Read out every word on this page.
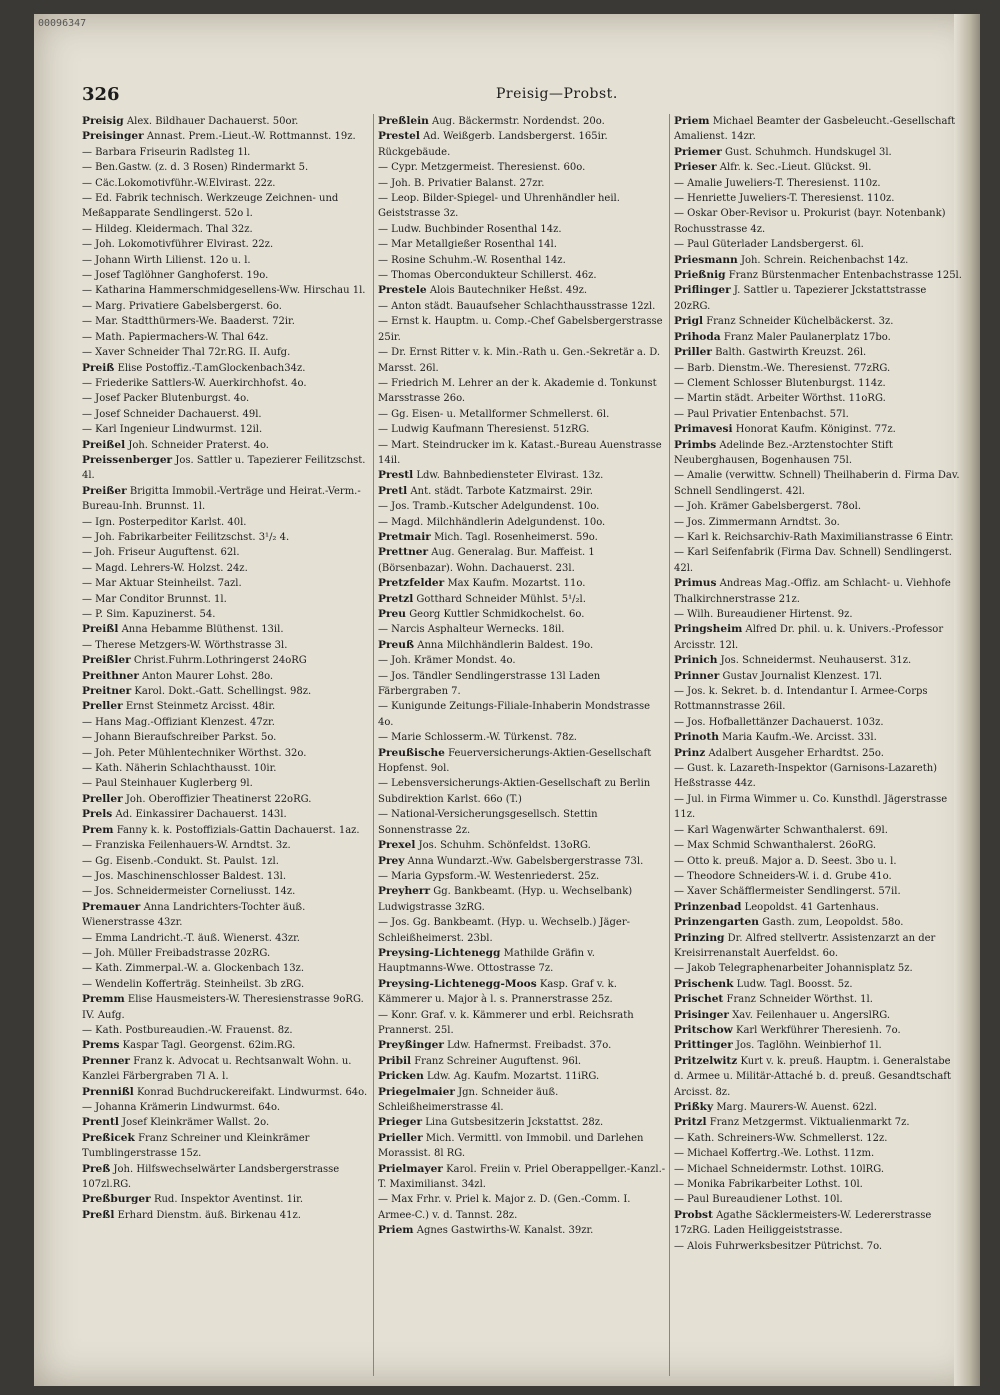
00096347
326	Preisig—Probst.

Preisig Alex. Bildhauer Dachauerst. 50or.

Preisinger Annast. Prem.-Lieut.-W. Rottmannst. 19z.

— Barbara Friseurin Radlsteg 1l.

— Ben.Gastw. (z. d. 3 Rosen) Rindermarkt 5.

— Cäc.Lokomotivführ.-W.Elvirast. 22z.

— Ed. Fabrik technisch. Werkzeuge Zeichnen- und Meßapparate Sendlingerst. 52o l.

— Hildeg. Kleidermach. Thal 32z.

— Joh. Lokomotivführer Elvirast. 22z.

— Johann Wirth Lilienst. 12o u. l.

— Josef Taglöhner Ganghoferst. 19o.

— Katharina Hammerschmidgesellens-Ww. Hirschau 1l.

— Marg. Privatiere Gabelsbergerst. 6o.

— Mar. Stadtthürmers-We. Baaderst. 72ir.

— Math. Papiermachers-W. Thal 64z.

— Xaver Schneider Thal 72r.RG. II. Aufg.

Preiß Elise Postoffiz.-T.amGlockenbach34z.

— Friederike Sattlers-W. Auerkirchhofst. 4o.

— Josef Packer Blutenburgst. 4o.

— Josef Schneider Dachauerst. 49l.

— Karl Ingenieur Lindwurmst. 12il.

Preißel Joh. Schneider Praterst. 4o.

Preissenberger Jos. Sattler u. Tapezierer Feilitzschst. 4l.

Preißer Brigitta Immobil.-Verträge und Heirat.-Verm.-Bureau-Inh. Brunnst. 1l.

— Ign. Posterpeditor Karlst. 40l.

— Joh. Fabrikarbeiter Feilitzschst. 3¹/₂ 4.

— Joh. Friseur Auguftenst. 62l.

— Magd. Lehrers-W. Holzst. 24z.

— Mar Aktuar Steinheilst. 7azl.

— Mar Conditor Brunnst. 1l.

— P. Sim. Kapuzinerst. 54.

Preißl Anna Hebamme Blüthenst. 13il.

— Therese Metzgers-W. Wörthstrasse 3l.

Preißler Christ.Fuhrm.Lothringerst 24oRG

Preithner Anton Maurer Lohst. 28o.

Preitner Karol. Dokt.-Gatt. Schellingst. 98z.

Preller Ernst Steinmetz Arcisst. 48ir.

— Hans Mag.-Offiziant Klenzest. 47zr.

— Johann Bieraufschreiber Parkst. 5o.

— Joh. Peter Mühlentechniker Wörthst. 32o.

— Kath. Näherin Schlachthausst. 10ir.

— Paul Steinhauer Kuglerberg 9l.

Preller Joh. Oberoffizier Theatinerst 22oRG.

Prels Ad. Einkassirer Dachauerst. 143l.

Prem Fanny k. k. Postoffizials-Gattin Dachauerst. 1az.

— Franziska Feilenhauers-W. Arndtst. 3z.

— Gg. Eisenb.-Condukt. St. Paulst. 1zl.

— Jos. Maschinenschlosser Baldest. 13l.

— Jos. Schneidermeister Corneliusst. 14z.

Premauer Anna Landrichters-Tochter äuß. Wienerstrasse 43zr.

— Emma Landricht.-T. äuß. Wienerst. 43zr.

— Joh. Müller Freibadstrasse 20zRG.

— Kath. Zimmerpal.-W. a. Glockenbach 13z.

— Wendelin Kofferträg. Steinheilst. 3b zRG.

Premm Elise Hausmeisters-W. Theresienstrasse 9oRG. IV. Aufg.

— Kath. Postbureaudien.-W. Frauenst. 8z.

Prems Kaspar Tagl. Georgenst. 62im.RG.

Prenner Franz k. Advocat u. Rechtsanwalt Wohn. u. Kanzlei Färbergraben 7l A. l.

Prennißl Konrad Buchdruckereifakt. Lindwurmst. 64o.

— Johanna Krämerin Lindwurmst. 64o.

Prentl Josef Kleinkrämer Wallst. 2o.

Preßicek Franz Schreiner und Kleinkrämer Tumblingerstrasse 15z.

Preß Joh. Hilfswechselwärter Landsbergerstrasse 107zl.RG.

Preßburger Rud. Inspektor Aventinst. 1ir.

Preßl Erhard Dienstm. äuß. Birkenau 41z.

Preßlein Aug. Bäckermstr. Nordendst. 20o.

Prestel Ad. Weißgerb. Landsbergerst. 165ir. Rückgebäude.

— Cypr. Metzgermeist. Theresienst. 60o.

— Joh. B. Privatier Balanst. 27zr.

— Leop. Bilder-Spiegel- und Uhrenhändler heil. Geiststrasse 3z.

— Ludw. Buchbinder Rosenthal 14z.

— Mar Metallgießer Rosenthal 14l.

— Rosine Schuhm.-W. Rosenthal 14z.

— Thomas Obercondukteur Schillerst. 46z.

Prestele Alois Bautechniker Heßst. 49z.

— Anton städt. Bauaufseher Schlachthausstrasse 12zl.

— Ernst k. Hauptm. u. Comp.-Chef Gabelsbergerstrasse 25ir.

— Dr. Ernst Ritter v. k. Min.-Rath u. Gen.-Sekretär a. D. Marsst. 26l.

— Friedrich M. Lehrer an der k. Akademie d. Tonkunst Marsstrasse 26o.

— Gg. Eisen- u. Metallformer Schmellerst. 6l.

— Ludwig Kaufmann Theresienst. 51zRG.

— Mart. Steindrucker im k. Katast.-Bureau Auenstrasse 14il.

Prestl Ldw. Bahnbediensteter Elvirast. 13z.

Pretl Ant. städt. Tarbote Katzmairst. 29ir.

— Jos. Tramb.-Kutscher Adelgundenst. 10o.

— Magd. Milchhändlerin Adelgundenst. 10o.

Pretmair Mich. Tagl. Rosenheimerst. 59o.

Prettner Aug. Generalag. Bur. Maffeist. 1 (Börsenbazar). Wohn. Dachauerst. 23l.

Pretzfelder Max Kaufm. Mozartst. 11o.

Pretzl Gotthard Schneider Mühlst. 5¹/₂l.

Preu Georg Kuttler Schmidkochelst. 6o.

— Narcis Asphalteur Wernecks. 18il.

Preuß Anna Milchhändlerin Baldest. 19o.

— Joh. Krämer Mondst. 4o.

— Jos. Tändler Sendlingerstrasse 13l Laden Färbergraben 7.

— Kunigunde Zeitungs-Filiale-Inhaberin Mondstrasse 4o.

— Marie Schlosserm.-W. Türkenst. 78z.

Preußische Feuerversicherungs-Aktien-Gesellschaft Hopfenst. 9ol.

— Lebensversicherungs-Aktien-Gesellschaft zu Berlin Subdirektion Karlst. 66o (T.)

— National-Versicherungsgesellsch. Stettin Sonnenstrasse 2z.

Prexel Jos. Schuhm. Schönfeldst. 13oRG.

Prey Anna Wundarzt.-Ww. Gabelsbergerstrasse 73l.

— Maria Gypsform.-W. Westenriederst. 25z.

Preyherr Gg. Bankbeamt. (Hyp. u. Wechselbank) Ludwigstrasse 3zRG.

— Jos. Gg. Bankbeamt. (Hyp. u. Wechselb.) Jäger-Schleißheimerst. 23bl.

Preysing-Lichtenegg Mathilde Gräfin v. Hauptmanns-Wwe. Ottostrasse 7z.

Preysing-Lichtenegg-Moos Kasp. Graf v. k. Kämmerer u. Major à l. s. Prannerstrasse 25z.

— Konr. Graf. v. k. Kämmerer und erbl. Reichsrath Prannerst. 25l.

Preyßinger Ldw. Hafnermst. Freibadst. 37o.

Pribil Franz Schreiner Auguftenst. 96l.

Pricken Ldw. Ag. Kaufm. Mozartst. 11iRG.

Priegelmaier Jgn. Schneider äuß. Schleißheimerstrasse 4l.

Prieger Lina Gutsbesitzerin Jckstattst. 28z.

Prieller Mich. Vermittl. von Immobil. und Darlehen Morassist. 8l RG.

Prielmayer Karol. Freiin v. Priel Oberappellger.-Kanzl.-T. Maximilianst. 34zl.

— Max Frhr. v. Priel k. Major z. D. (Gen.-Comm. I. Armee-C.) v. d. Tannst. 28z.

Priem Agnes Gastwirths-W. Kanalst. 39zr.

Priem Michael Beamter der Gasbeleucht.-Gesellschaft Amalienst. 14zr.

Priemer Gust. Schuhmch. Hundskugel 3l.

Prieser Alfr. k. Sec.-Lieut. Glückst. 9l.

— Amalie Juweliers-T. Theresienst. 110z.

— Henriette Juweliers-T. Theresienst. 110z.

— Oskar Ober-Revisor u. Prokurist (bayr. Notenbank) Rochusstrasse 4z.

— Paul Güterlader Landsbergerst. 6l.

Priesmann Joh. Schrein. Reichenbachst 14z.

Prießnig Franz Bürstenmacher Entenbachstrasse 125l.

Priflinger J. Sattler u. Tapezierer Jckstattstrasse 20zRG.

Prigl Franz Schneider Küchelbäckerst. 3z.

Prihoda Franz Maler Paulanerplatz 17bo.

Priller Balth. Gastwirth Kreuzst. 26l.

— Barb. Dienstm.-We. Theresienst. 77zRG.

— Clement Schlosser Blutenburgst. 114z.

— Martin städt. Arbeiter Wörthst. 11oRG.

— Paul Privatier Entenbachst. 57l.

Primavesi Honorat Kaufm. Königinst. 77z.

Primbs Adelinde Bez.-Arztenstochter Stift Neuberghausen, Bogenhausen 75l.

— Amalie (verwittw. Schnell) Theilhaberin d. Firma Dav. Schnell Sendlingerst. 42l.

— Joh. Krämer Gabelsbergerst. 78ol.

— Jos. Zimmermann Arndtst. 3o.

— Karl k. Reichsarchiv-Rath Maximilianstrasse 6 Eintr.

— Karl Seifenfabrik (Firma Dav. Schnell) Sendlingerst. 42l.

Primus Andreas Mag.-Offiz. am Schlacht- u. Viehhofe Thalkirchnerstrasse 21z.

— Wilh. Bureaudiener Hirtenst. 9z.

Pringsheim Alfred Dr. phil. u. k. Univers.-Professor Arcisstr. 12l.

Prinich Jos. Schneidermst. Neuhauserst. 31z.

Prinner Gustav Journalist Klenzest. 17l.

— Jos. k. Sekret. b. d. Intendantur I. Armee-Corps Rottmannstrasse 26il.

— Jos. Hofballettänzer Dachauerst. 103z.

Prinoth Maria Kaufm.-We. Arcisst. 33l.

Prinz Adalbert Ausgeher Erhardtst. 25o.

— Gust. k. Lazareth-Inspektor (Garnisons-Lazareth) Heßstrasse 44z.

— Jul. in Firma Wimmer u. Co. Kunsthdl. Jägerstrasse 11z.

— Karl Wagenwärter Schwanthalerst. 69l.

— Max Schmid Schwanthalerst. 26oRG.

— Otto k. preuß. Major a. D. Seest. 3bo u. l.

— Theodore Schneiders-W. i. d. Grube 41o.

— Xaver Schäfflermeister Sendlingerst. 57il.

Prinzenbad Leopoldst. 41 Gartenhaus.

Prinzengarten Gasth. zum, Leopoldst. 58o.

Prinzing Dr. Alfred stellvertr. Assistenzarzt an der Kreisirrenanstalt Auerfeldst. 6o.

— Jakob Telegraphenarbeiter Johannisplatz 5z.

Prischenk Ludw. Tagl. Boosst. 5z.

Prischet Franz Schneider Wörthst. 1l.

Prisinger Xav. Feilenhauer u. AngerslRG.

Pritschow Karl Werkführer Theresienh. 7o.

Prittinger Jos. Taglöhn. Weinbierhof 1l.

Pritzelwitz Kurt v. k. preuß. Hauptm. i. Generalstabe d. Armee u. Militär-Attaché b. d. preuß. Gesandtschaft Arcisst. 8z.

Prißky Marg. Maurers-W. Auenst. 62zl.

Pritzl Franz Metzgermst. Viktualienmarkt 7z.

— Kath. Schreiners-Ww. Schmellerst. 12z.

— Michael Koffertrg.-We. Lothst. 11zm.

— Michael Schneidermstr. Lothst. 10lRG.

— Monika Fabrikarbeiter Lothst. 10l.

— Paul Bureaudiener Lothst. 10l.

Probst Agathe Säcklermeisters-W. Ledererstrasse 17zRG. Laden Heiliggeiststrasse.

— Alois Fuhrwerksbesitzer Pütrichst. 7o.
